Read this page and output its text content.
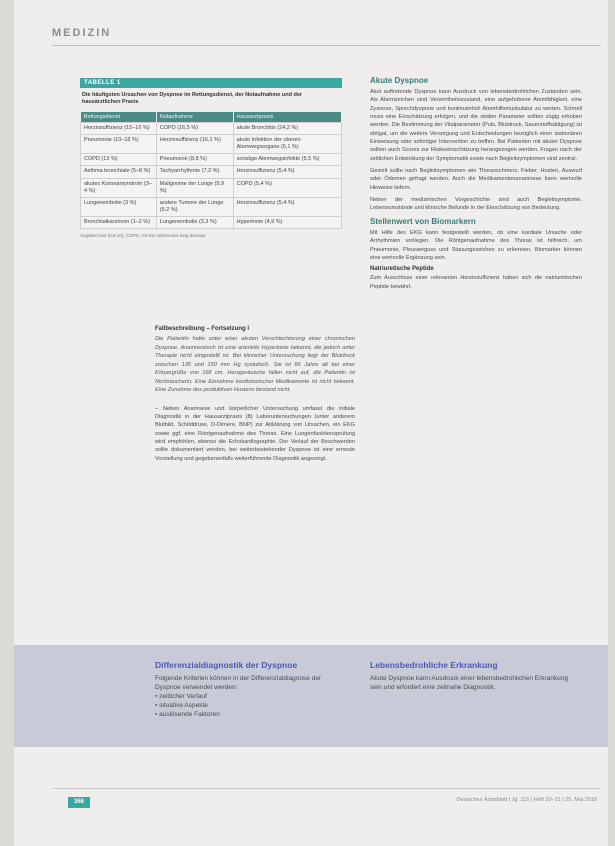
MEDIZIN
TABELLE 1
Die häufigsten Ursachen von Dyspnoe im Rettungsdienst, der Notaufnahme und der hausärztlichen Praxis
Rettungsdienst	Notaufnahme	Hausarztpraxis
Herzinsuffizienz (15–16 %)	COPD (16,5 %)	akute Bronchitis (24,2 %)
Pneumonie (10–18 %)	Herzinsuffizienz (16,1 %)	akute Infektion der oberen Atemwegsorgane (5,1 %)
COPD (13 %)	Pneumonie (8,8 %)	sonstige Atemwegsinfekte (5,5 %)
Asthma bronchiale (5–8 %)	Tachyarrhythmie (7,2 %)	Herzinsuffizienz (5,4 %)
akutes Koronarsyndrom (3–4 %)	Malignome der Lunge (5,9 %)	COPD (5,4 %)
Lungenembolie (3 %)	andere Tumore der Lunge (5,2 %)	Herzinsuffizienz (5,4 %)
Bronchialkarzinom (1–2 %)	Lungenembolie (3,3 %)	Hypertonie (4,9 %)
Angaben laut (8,9,10); COPD, chronic obstructive lung disease
Akute Dyspnoe

Akut auftretende Dyspnoe kann Ausdruck von lebensbedrohlichen Zuständen sein. Als Alarmzeichen sind Verwirrtheitszustand, eine aufgehobene Atemfähigkeit, eine Zyanose, Sprechdyspnoe und kontinuierlich Atemhilfsmuskulatur zu werten. Schnell muss eine Einschätzung erfolgen, und die vitalen Parameter sollten zügig erhoben werden. Die Bestimmung der Vitalparameter (Puls, Blutdruck, Sauerstoffsättigung) ist obligat, um die weitere Versorgung und Entscheidungen bezüglich einer stationären Einweisung oder sofortiger Intervention zu treffen. Bei Patienten mit akuter Dyspnoe sollten auch Scores zur Risikoeinschätzung herangezogen werden. Fragen nach der zeitlichen Entwicklung der Symptomatik sowie nach Begleitsymptomen sind zentral.

Gezielt sollte nach Begleitsymptomen wie Thoraxschmerz, Fieber, Husten, Auswurf oder Ödemen gefragt werden. Auch die Medikamentenanamnese kann wertvolle Hinweise liefern.

Neben der medizinischen Vorgeschichte sind auch Begleitsymptome, Lebensumstände und klinische Befunde in der Einschätzung von Bedeutung.

Stellenwert von Biomarkern

Mit Hilfe des EKG kann festgestellt werden, ob eine kardiale Ursache oder Arrhythmien vorliegen. Die Röntgenaufnahme des Thorax ist hilfreich, um Pneumonie, Pleuraerguss und Stauungszeichen zu erkennen. Biomarker können eine wertvolle Ergänzung sein.

Natriuretische Peptide

Zum Ausschluss einer relevanten Herzinsuffizienz haben sich die natriuretischen Peptide bewährt.

Fallbeschreibung – Fortsetzung I

Die Patientin hatte unter einer akuten Verschlechterung einer chronischen Dyspnoe. Anamnestisch ist eine arterielle Hypertonie bekannt, die jedoch unter Therapie nicht eingestellt ist. Bei klinischer Untersuchung liegt der Blutdruck zwischen 135 und 150 mm Hg systolisch. Sie ist 86 Jahre alt bei einer Körpergröße von 168 cm. Herzgeräusche fallen nicht auf, die Patientin ist Nichtraucherin. Eine Einnahme kardiotoxischer Medikamente ist nicht bekannt. Eine Zunahme des produktiven Hustens bestand nicht.

– Neben Anamnese und körperlicher Untersuchung umfasst die initiale Diagnostik in der Hausarztpraxis (8) Laboruntersuchungen (unter anderem Blutbild, Schilddrüse, D-Dimere, BNP) zur Abklärung von Ursachen, ein EKG sowie ggf. eine Röntgenaufnahme des Thorax. Eine Lungenfunktionsprüfung wird empfohlen, ebenso die Echokardiographie. Der Verlauf der Beschwerden sollte dokumentiert werden, bei weiterbestehender Dyspnoe ist eine erneute Vorstellung und gegebenenfalls weiterführende Diagnostik angezeigt.

Differenzialdiagnostik der Dyspnoe

Folgende Kriterien können in der Differenzialdiagnose der Dyspnoe verwendet werden:

▪ zeitlicher Verlauf
▪ situative Aspekte
▪ auslösende Faktoren
Lebensbedrohliche Erkrankung

Akute Dyspnoe kann Ausdruck einer lebensbedrohlichen Erkrankung sein und erfordert eine zeitnahe Diagnostik.

366	Deutsches Ärzteblatt | Jg. 115 | Heft 20–21 | 25. Mai 2018
